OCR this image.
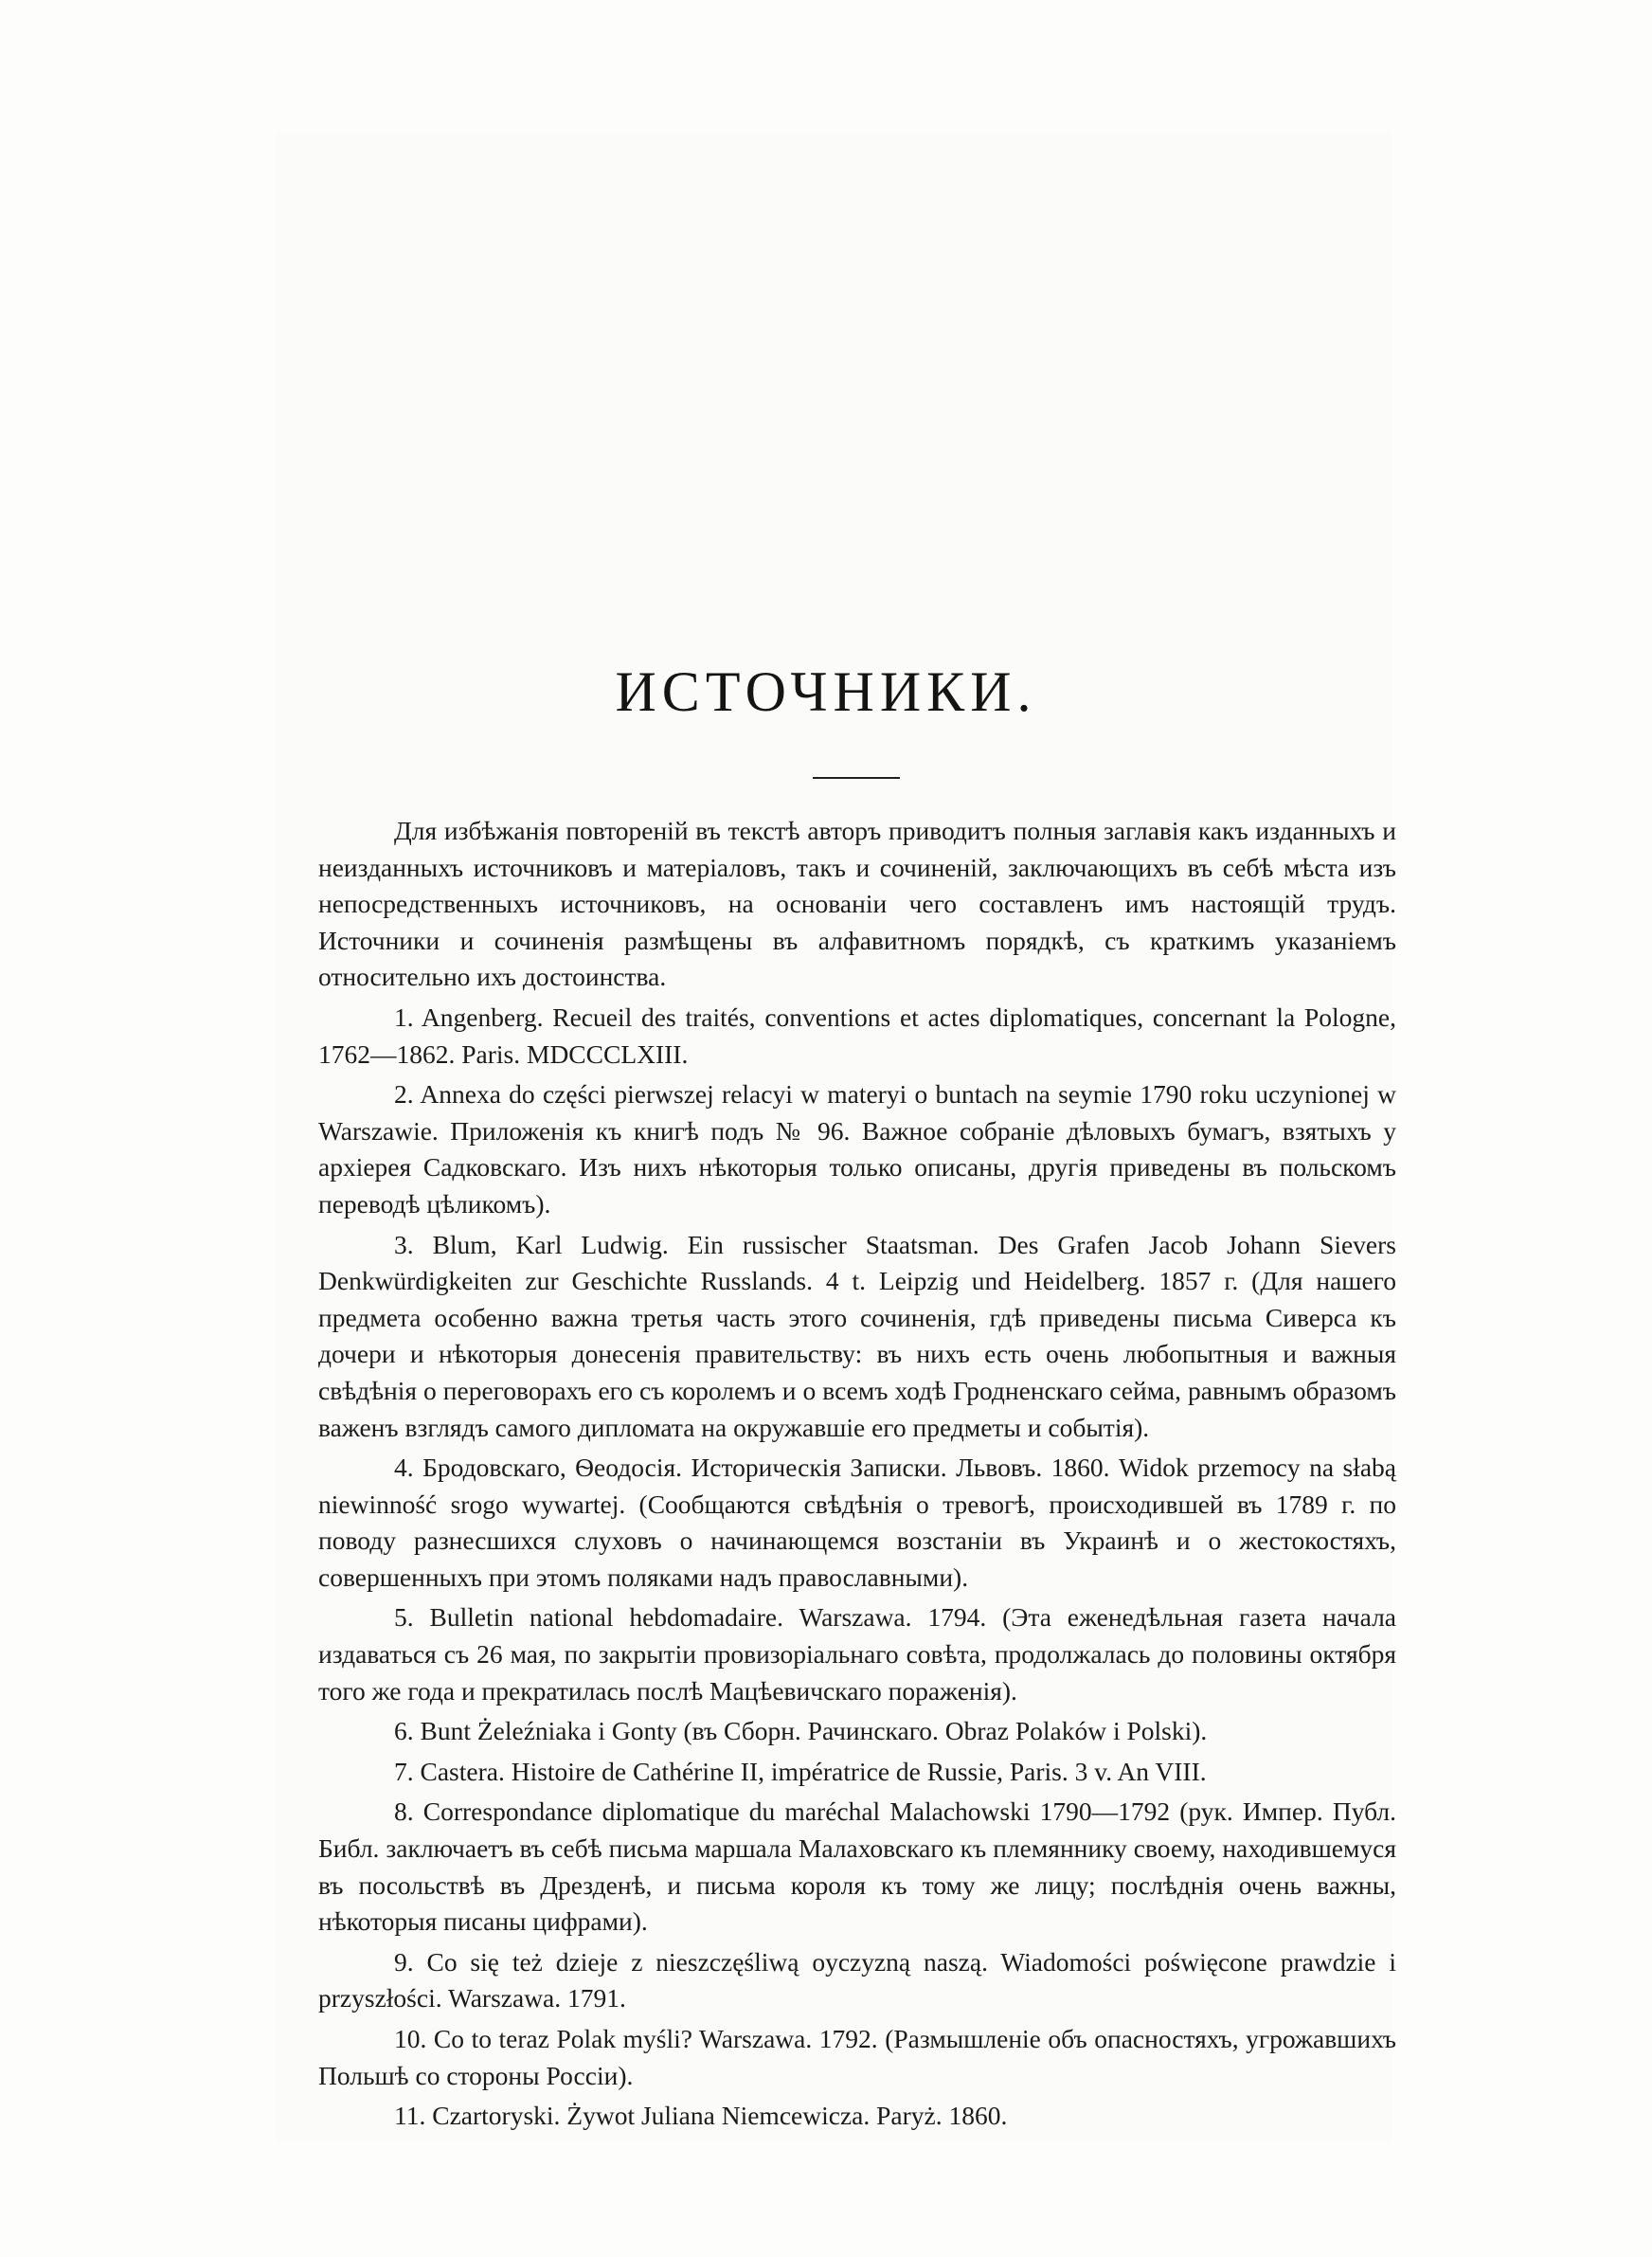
ИСТОЧНИКИ.

Для избѣжанія повтореній въ текстѣ авторъ приводитъ полныя заглавія какъ изданныхъ и неизданныхъ источниковъ и матеріаловъ, такъ и сочиненій, заключающихъ въ себѣ мѣста изъ непосредственныхъ источниковъ, на основаніи чего составленъ имъ настоящій трудъ. Источники и сочиненія размѣщены въ алфавитномъ порядкѣ, съ краткимъ указаніемъ относительно ихъ достоинства.

1. Angenberg. Recueil des traités, conventions et actes diplomatiques, concernant la Pologne, 1762—1862. Paris. MDCCCLXIII.

2. Annexa do części pierwszej relacyi w materyi o buntach na seymie 1790 roku uczynionej w Warszawie. Приложенія къ книгѣ подъ № 96. Важное собраніе дѣловыхъ бумагъ, взятыхъ у архіерея Садковскаго. Изъ нихъ нѣкоторыя только описаны, другія приведены въ польскомъ переводѣ цѣликомъ).

3. Blum, Karl Ludwig. Ein russischer Staatsman. Des Grafen Jacob Johann Sievers Denkwürdigkeiten zur Geschichte Russlands. 4 t. Leipzig und Heidelberg. 1857 г. (Для нашего предмета особенно важна третья часть этого сочиненія, гдѣ приведены письма Сиверса къ дочери и нѣкоторыя донесенія правительству: въ нихъ есть очень любопытныя и важныя свѣдѣнія о переговорахъ его съ королемъ и о всемъ ходѣ Гродненскаго сейма, равнымъ образомъ важенъ взглядъ самого дипломата на окружавшіе его предметы и событія).

4. Бродовскаго, Ѳеодосія. Историческія Записки. Львовъ. 1860. Widok przemocy na słabą niewinność srogo wywartej. (Сообщаются свѣдѣнія о тревогѣ, происходившей въ 1789 г. по поводу разнесшихся слуховъ о начинающемся возстаніи въ Украинѣ и о жестокостяхъ, совершенныхъ при этомъ поляками надъ православными).

5. Bulletin national hebdomadaire. Warszawa. 1794. (Эта еженедѣльная газета начала издаваться съ 26 мая, по закрытіи провизоріальнаго совѣта, продолжалась до половины октября того же года и прекратилась послѣ Мацѣевичскаго пораженія).

6. Bunt Żeleźniaka i Gonty (въ Сборн. Рачинскаго. Obraz Polaków i Polski).

7. Castera. Histoire de Cathérine II, impératrice de Russie, Paris. 3 v. An VIII.

8. Correspondance diplomatique du maréchal Malachowski 1790—1792 (рук. Импер. Публ. Библ. заключаетъ въ себѣ письма маршала Малаховскаго къ племяннику своему, находившемуся въ посольствѣ въ Дрезденѣ, и письма короля къ тому же лицу; послѣднія очень важны, нѣкоторыя писаны цифрами).

9. Co się też dzieje z nieszczęśliwą oyczyzną naszą. Wiadomości poświęcone prawdzie i przyszłości. Warszawa. 1791.

10. Co to teraz Polak myśli? Warszawa. 1792. (Размышленіе объ опасностяхъ, угрожавшихъ Польшѣ со стороны Россіи).

11. Czartoryski. Żywot Juliana Niemcewicza. Paryż. 1860.
